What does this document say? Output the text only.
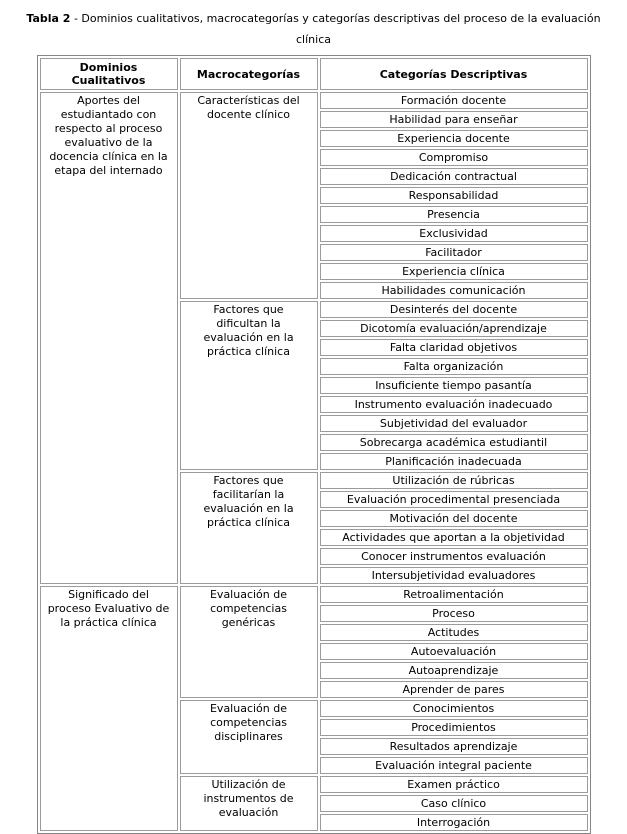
Tabla 2 - Dominios cualitativos, macrocategorías y categorías descriptivas del proceso de la evaluación clínica
Dominios Cualitativos	Macrocategorías	Categorías Descriptivas
Aportes del estudiantado con respecto al proceso evaluativo de la docencia clínica en la etapa del internado	Características del docente clínico	Formación docente
		Habilidad para enseñar
		Experiencia docente
		Compromiso
		Dedicación contractual
		Responsabilidad
		Presencia
		Exclusividad
		Facilitador
		Experiencia clínica
		Habilidades comunicación
	Factores que dificultan la evaluación en la práctica clínica	Desinterés del docente
		Dicotomía evaluación/aprendizaje
		Falta claridad objetivos
		Falta organización
		Insuficiente tiempo pasantía
		Instrumento evaluación inadecuado
		Subjetividad del evaluador
		Sobrecarga académica estudiantil
		Planificación inadecuada
	Factores que facilitarían la evaluación en la práctica clínica	Utilización de rúbricas
		Evaluación procedimental presenciada
		Motivación del docente
		Actividades que aportan a la objetividad
		Conocer instrumentos evaluación
		Intersubjetividad evaluadores
Significado del proceso Evaluativo de la práctica clínica	Evaluación de competencias genéricas	Retroalimentación
		Proceso
		Actitudes
		Autoevaluación
		Autoaprendizaje
		Aprender de pares
	Evaluación de competencias disciplinares	Conocimientos
		Procedimientos
		Resultados aprendizaje
		Evaluación integral paciente
	Utilización de instrumentos de evaluación	Examen práctico
		Caso clínico
		Interrogación
